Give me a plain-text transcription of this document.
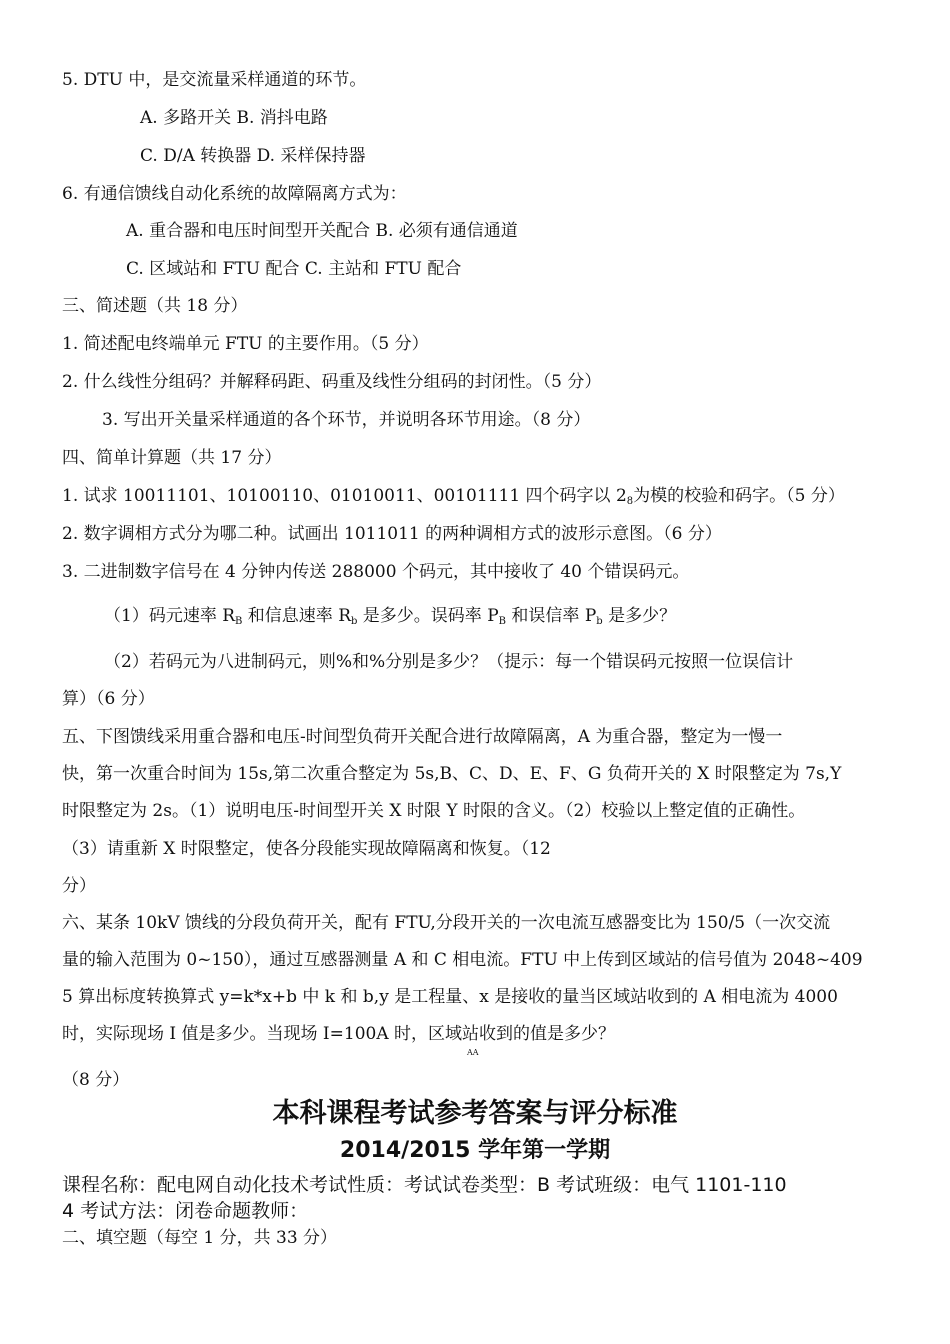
5. DTU 中，是交流量采样通道的环节。
A. 多路开关 B. 消抖电路
C. D/A 转换器 D. 采样保持器
6. 有通信馈线自动化系统的故障隔离方式为：
A. 重合器和电压时间型开关配合 B. 必须有通信通道
C. 区域站和 FTU 配合 C. 主站和 FTU 配合
三、简述题（共 18 分）
1. 简述配电终端单元 FTU 的主要作用。（5 分）
2. 什么线性分组码？并解释码距、码重及线性分组码的封闭性。（5 分）
3. 写出开关量采样通道的各个环节，并说明各环节用途。（8 分）
四、简单计算题（共 17 分）
1. 试求 10011101、10100110、01010011、00101111 四个码字以 $2_8$为模的校验和码字。（5 分）
2. 数字调相方式分为哪二种。试画出 1011011 的两种调相方式的波形示意图。（6 分）
3. 二进制数字信号在 4 分钟内传送 288000 个码元，其中接收了 40 个错误码元。
（1）码元速率 $R_B$ 和信息速率 $R_b$ 是多少。误码率 $P_B$ 和误信率 $P_b$ 是多少？
（2）若码元为八进制码元，则%和%分别是多少？（提示：每一个错误码元按照一位误信计
算）（6 分）
五、下图馈线采用重合器和电压-时间型负荷开关配合进行故障隔离，A 为重合器，整定为一慢一
快，第一次重合时间为 15s,第二次重合整定为 5s,B、C、D、E、F、G 负荷开关的 X 时限整定为 7s,Y
时限整定为 2s。（1）说明电压-时间型开关 X 时限 Y 时限的含义。（2）校验以上整定值的正确性。
（3）请重新 X 时限整定，使各分段能实现故障隔离和恢复。（12
分）
六、某条 10kV 馈线的分段负荷开关，配有 FTU,分段开关的一次电流互感器变比为 150/5（一次交流
量的输入范围为 0~150），通过互感器测量 A 和 C 相电流。FTU 中上传到区域站的信号值为 2048~409
5 算出标度转换算式 y=k*x+b 中 k 和 b,y 是工程量、x 是接收的量当区域站收到的 A 相电流为 4000
时，实际现场 I 值是多少。当现场 I=100A 时，区域站收到的值是多少？
AA
（8 分）
本科课程考试参考答案与评分标准
2014/2015 学年第一学期
课程名称：配电网自动化技术考试性质：考试试卷类型：B 考试班级：电气 1101-110
4 考试方法：闭卷命题教师：
二、填空题（每空 1 分，共 33 分）
